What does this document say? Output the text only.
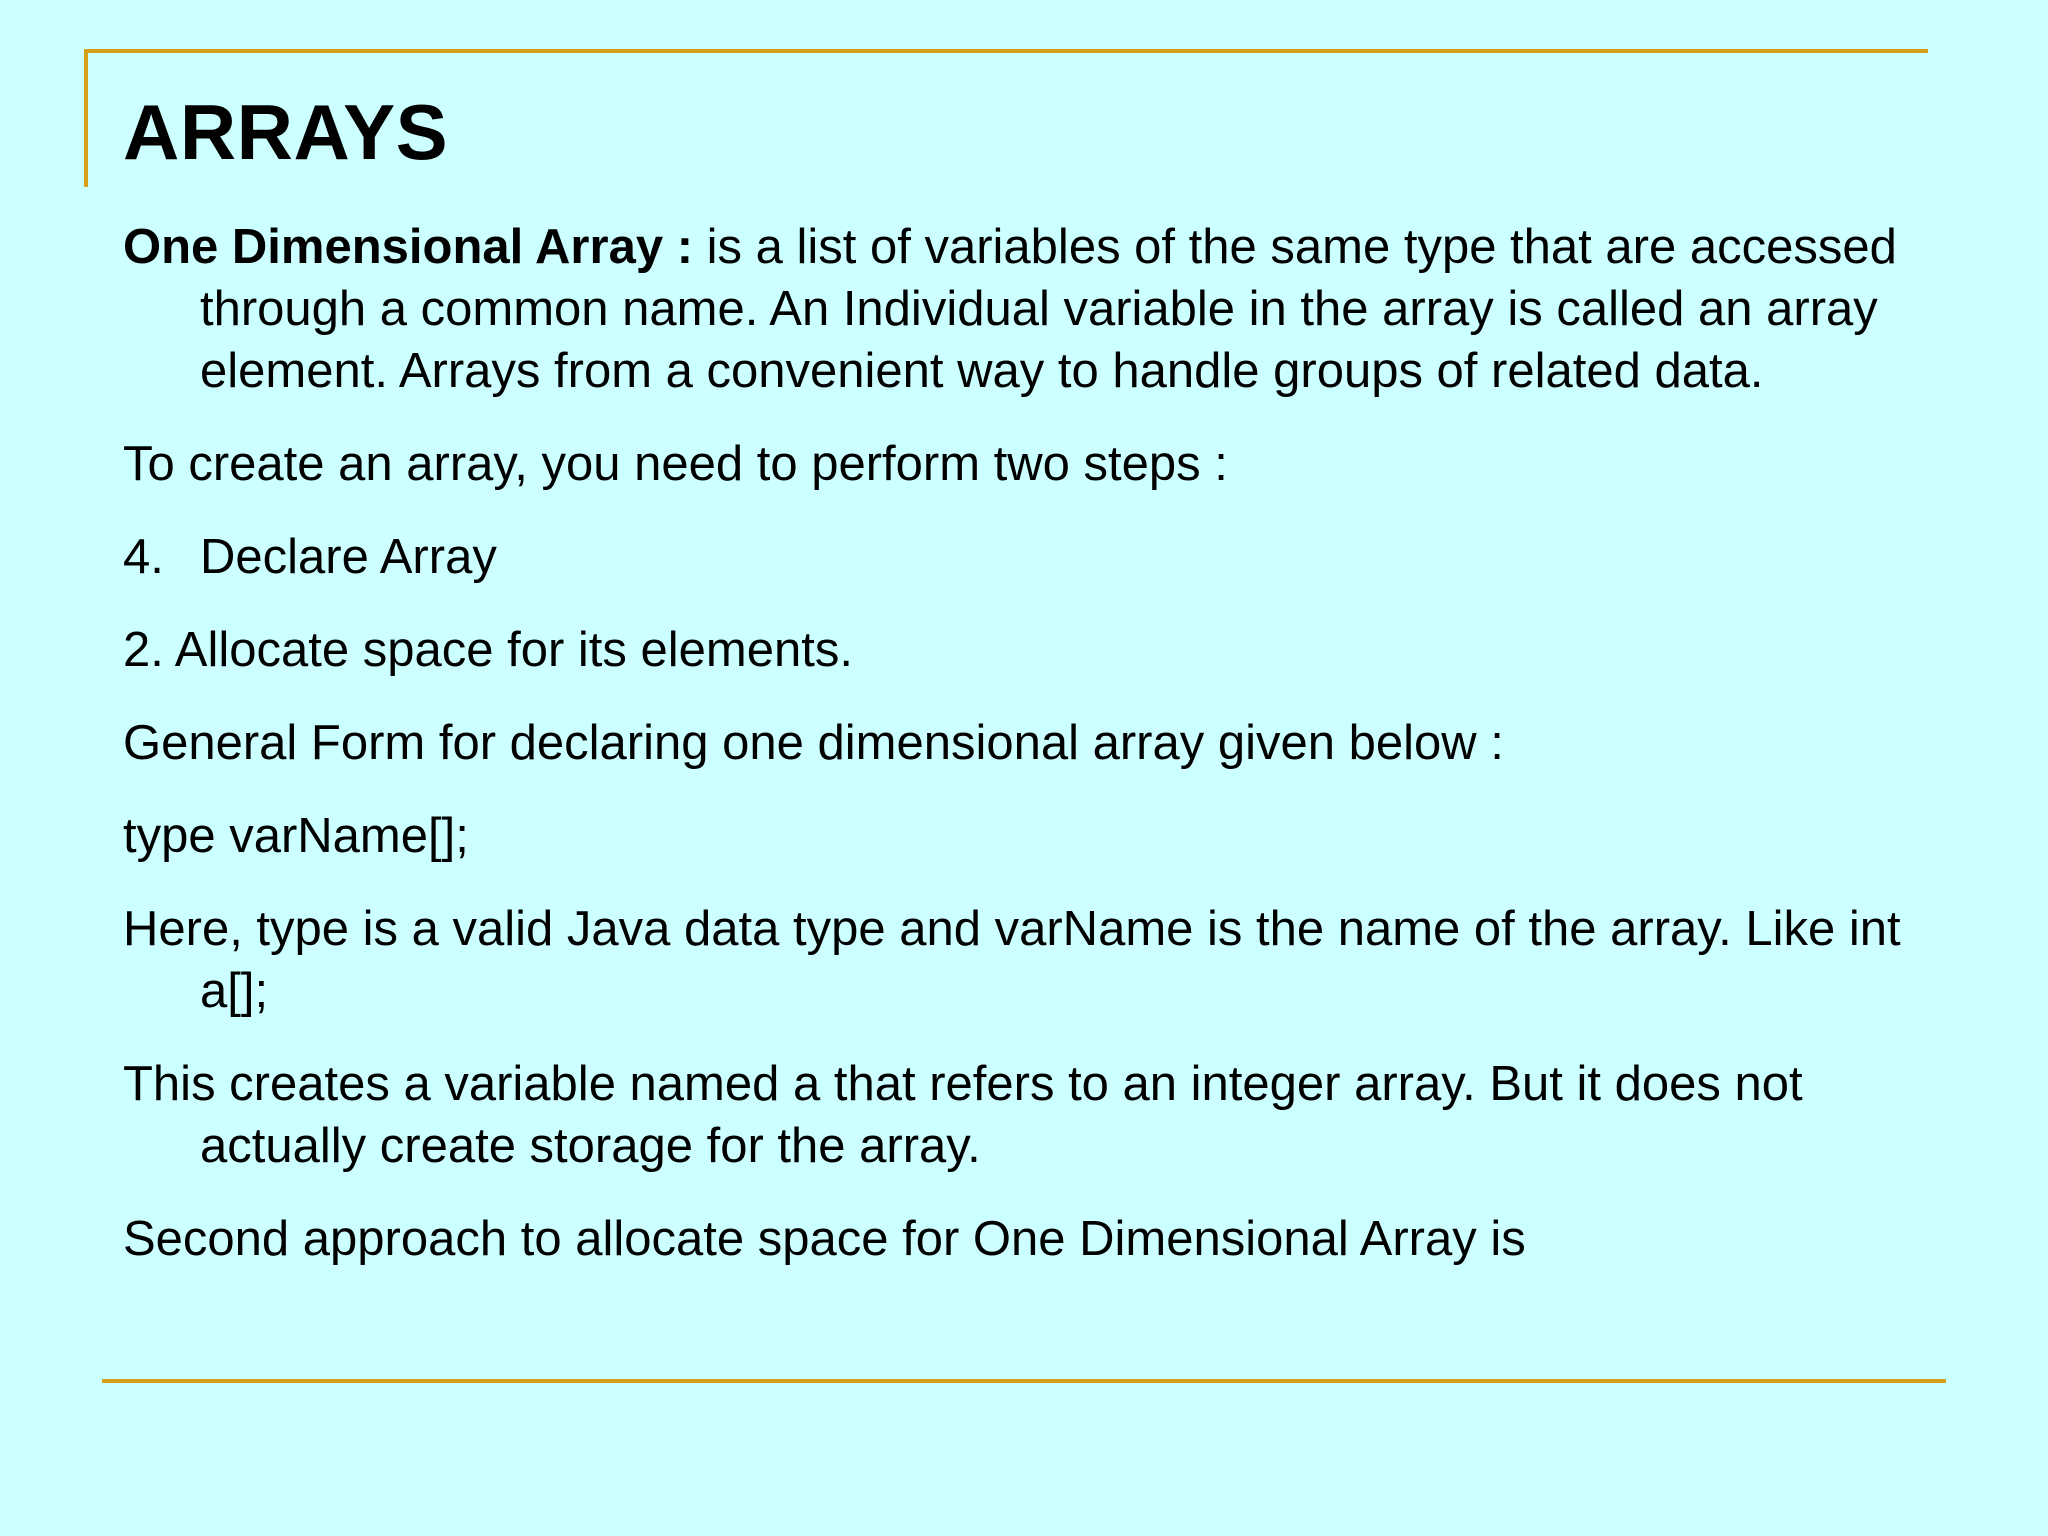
ARRAYS

One Dimensional Array : is a list of variables of the same type that are accessed through a common name. An Individual variable in the array is called an array element. Arrays from a convenient way to handle groups of related data.

To create an array, you need to perform two steps :

4. Declare Array

2. Allocate space for its elements.

General Form for declaring one dimensional array given below :

type varName[];

Here, type is a valid Java data type and varName is the name of the array. Like int a[];

This creates a variable named a that refers to an integer array. But it does not actually create storage for the array.

Second approach to allocate space for One Dimensional Array is
